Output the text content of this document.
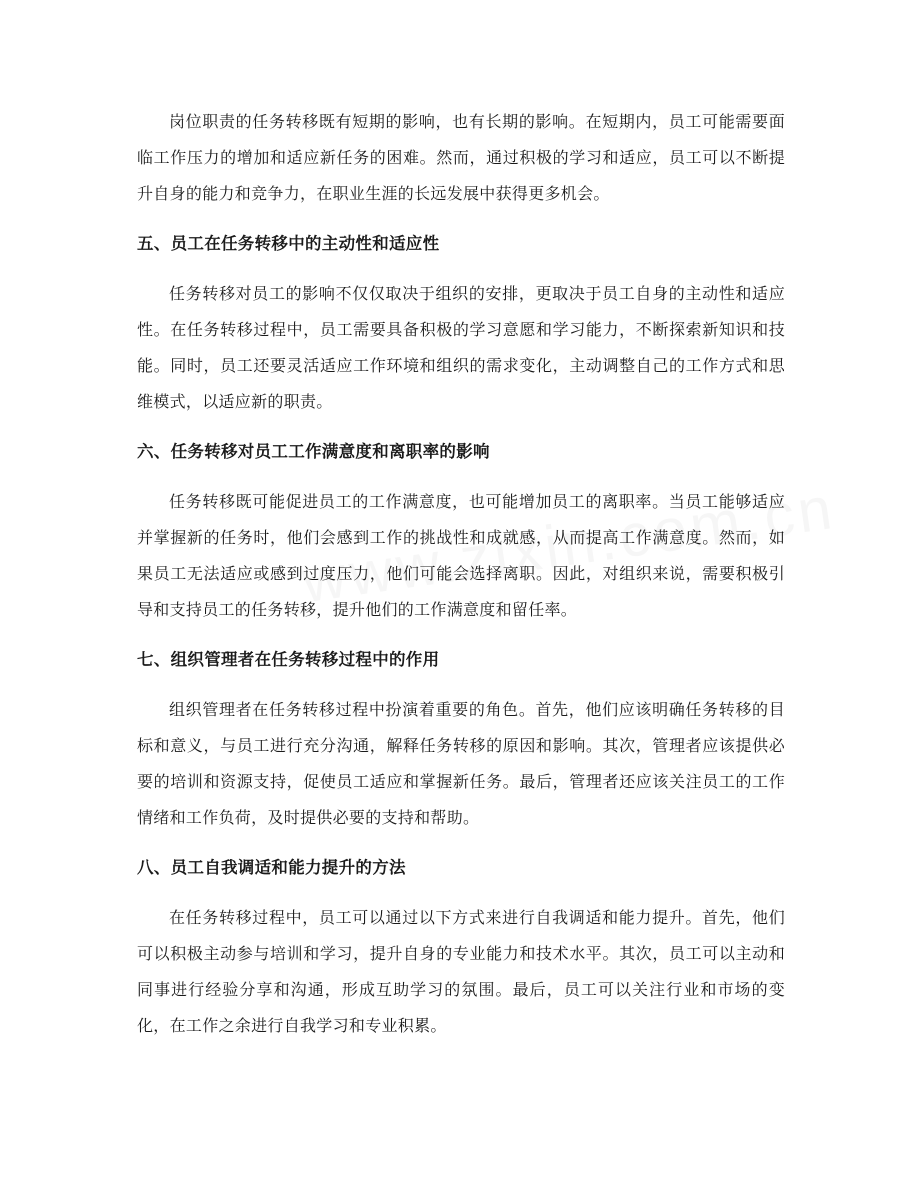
岗位职责的任务转移既有短期的影响，也有长期的影响。在短期内，员工可能需要面临工作压力的增加和适应新任务的困难。然而，通过积极的学习和适应，员工可以不断提升自身的能力和竞争力，在职业生涯的长远发展中获得更多机会。

五、员工在任务转移中的主动性和适应性

任务转移对员工的影响不仅仅取决于组织的安排，更取决于员工自身的主动性和适应性。在任务转移过程中，员工需要具备积极的学习意愿和学习能力，不断探索新知识和技能。同时，员工还要灵活适应工作环境和组织的需求变化，主动调整自己的工作方式和思维模式，以适应新的职责。

六、任务转移对员工工作满意度和离职率的影响

任务转移既可能促进员工的工作满意度，也可能增加员工的离职率。当员工能够适应并掌握新的任务时，他们会感到工作的挑战性和成就感，从而提高工作满意度。然而，如果员工无法适应或感到过度压力，他们可能会选择离职。因此，对组织来说，需要积极引导和支持员工的任务转移，提升他们的工作满意度和留任率。

七、组织管理者在任务转移过程中的作用

组织管理者在任务转移过程中扮演着重要的角色。首先，他们应该明确任务转移的目标和意义，与员工进行充分沟通，解释任务转移的原因和影响。其次，管理者应该提供必要的培训和资源支持，促使员工适应和掌握新任务。最后，管理者还应该关注员工的工作情绪和工作负荷，及时提供必要的支持和帮助。

八、员工自我调适和能力提升的方法

在任务转移过程中，员工可以通过以下方式来进行自我调适和能力提升。首先，他们可以积极主动参与培训和学习，提升自身的专业能力和技术水平。其次，员工可以主动和同事进行经验分享和沟通，形成互助学习的氛围。最后，员工可以关注行业和市场的变化，在工作之余进行自我学习和专业积累。
